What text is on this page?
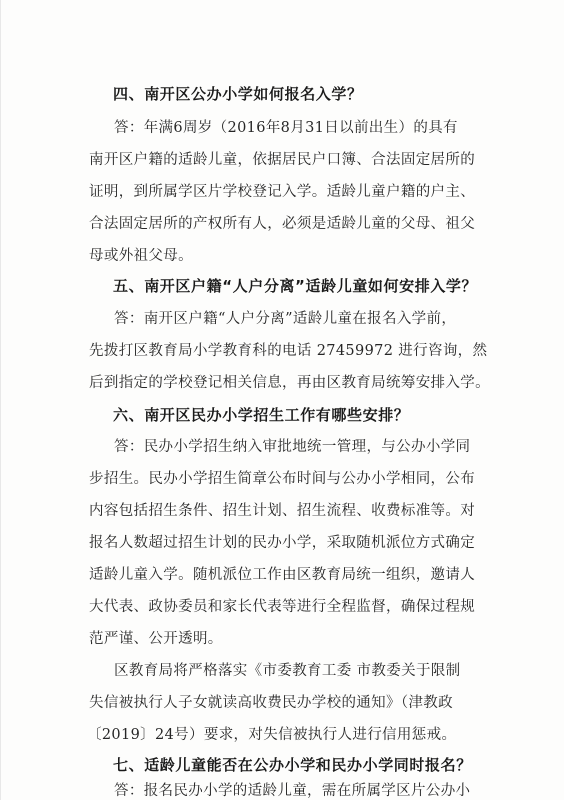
四、南开区公办小学如何报名入学？
答：年满6周岁（2016年8月31日以前出生）的具有
南开区户籍的适龄儿童，依据居民户口簿、合法固定居所的
证明，到所属学区片学校登记入学。适龄儿童户籍的户主、
合法固定居所的产权所有人，必须是适龄儿童的父母、祖父
母或外祖父母。
五、南开区户籍“人户分离”适龄儿童如何安排入学？
答：南开区户籍“人户分离”适龄儿童在报名入学前，
先拨打区教育局小学教育科的电话 27459972 进行咨询，然
后到指定的学校登记相关信息，再由区教育局统筹安排入学。
六、南开区民办小学招生工作有哪些安排？
答：民办小学招生纳入审批地统一管理，与公办小学同
步招生。民办小学招生简章公布时间与公办小学相同，公布
内容包括招生条件、招生计划、招生流程、收费标准等。对
报名人数超过招生计划的民办小学，采取随机派位方式确定
适龄儿童入学。随机派位工作由区教育局统一组织，邀请人
大代表、政协委员和家长代表等进行全程监督，确保过程规
范严谨、公开透明。
区教育局将严格落实《市委教育工委 市教委关于限制
失信被执行人子女就读高收费民办学校的通知》（津教政
〔2019〕24号）要求，对失信被执行人进行信用惩戒。
七、适龄儿童能否在公办小学和民办小学同时报名？
答：报名民办小学的适龄儿童，需在所属学区片公办小
